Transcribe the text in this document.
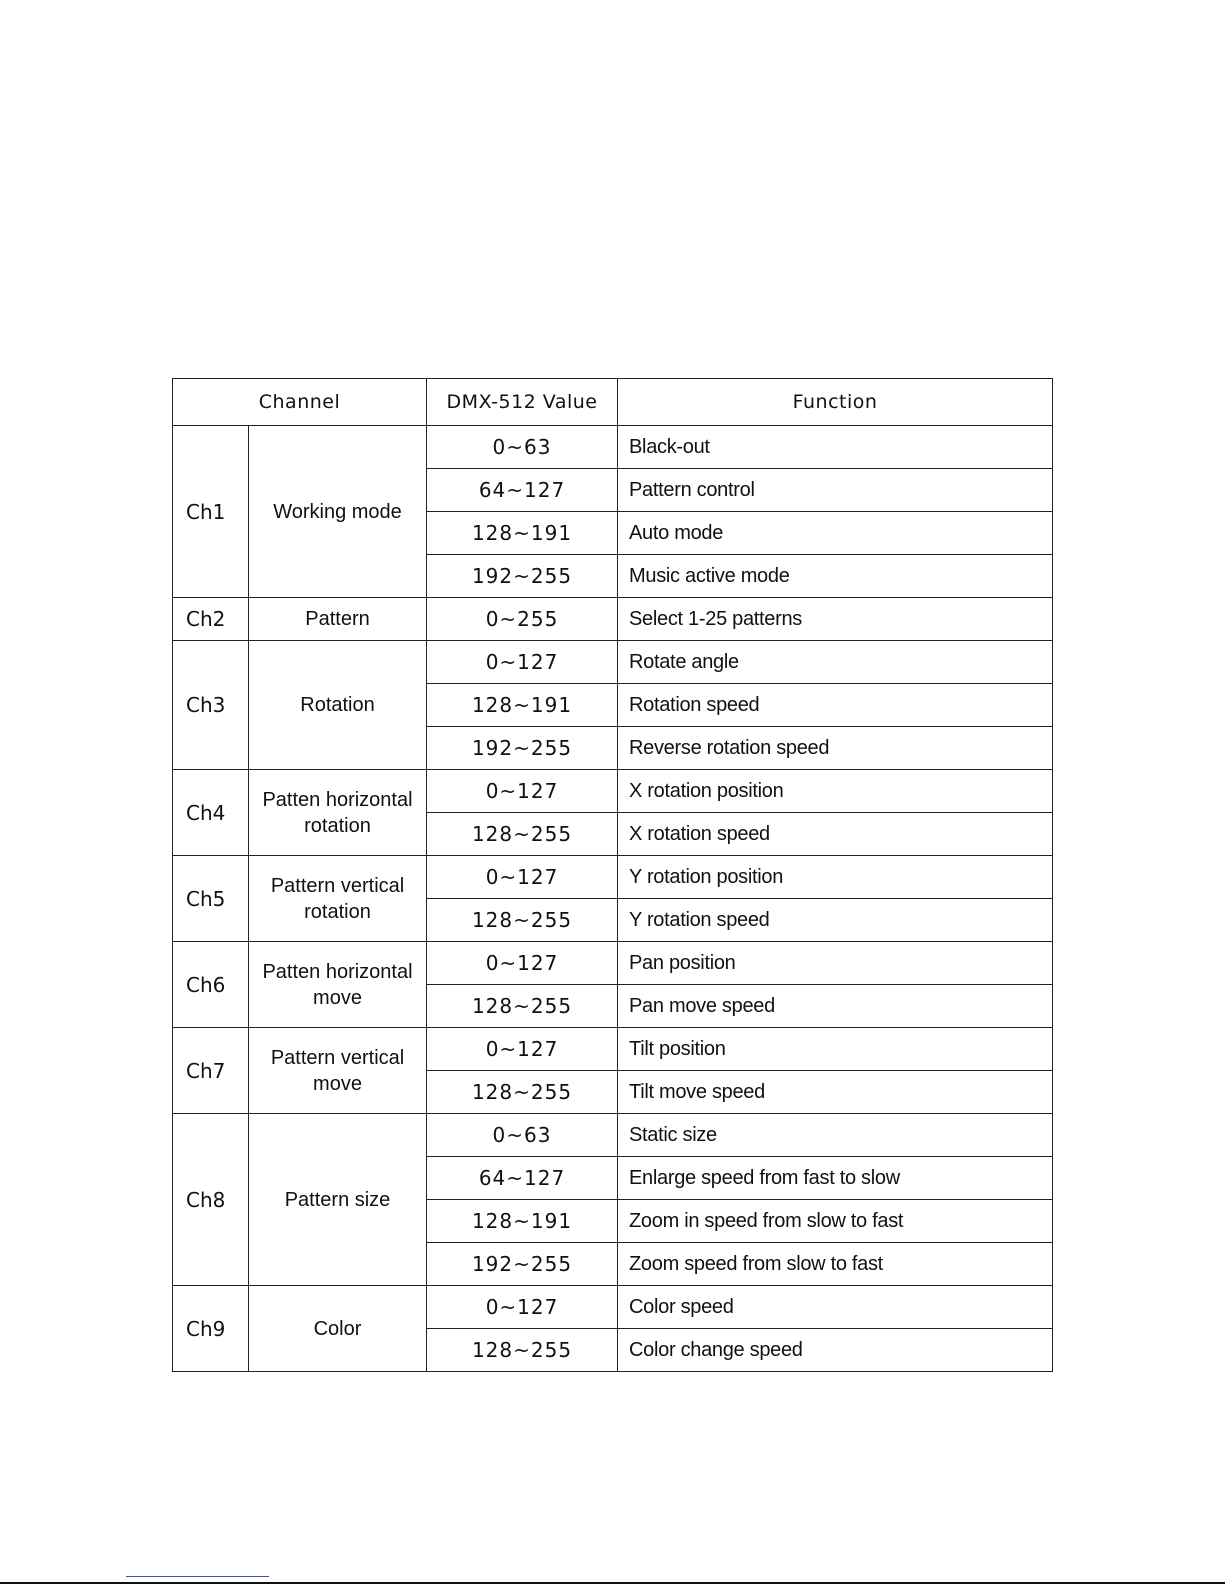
Channel		DMX-512 Value	Function
Ch1	Working mode	0~63	Black-out
		64~127	Pattern control
		128~191	Auto mode
		192~255	Music active mode
Ch2	Pattern	0~255	Select 1-25 patterns
Ch3	Rotation	0~127	Rotate angle
		128~191	Rotation speed
		192~255	Reverse rotation speed
Ch4	Patten horizontal rotation	0~127	X rotation position
		128~255	X rotation speed
Ch5	Pattern vertical rotation	0~127	Y rotation position
		128~255	Y rotation speed
Ch6	Patten horizontal move	0~127	Pan position
		128~255	Pan move speed
Ch7	Pattern vertical move	0~127	Tilt position
		128~255	Tilt move speed
Ch8	Pattern size	0~63	Static size
		64~127	Enlarge speed from fast to slow
		128~191	Zoom in speed from slow to fast
		192~255	Zoom speed from slow to fast
Ch9	Color	0~127	Color speed
		128~255	Color change speed
